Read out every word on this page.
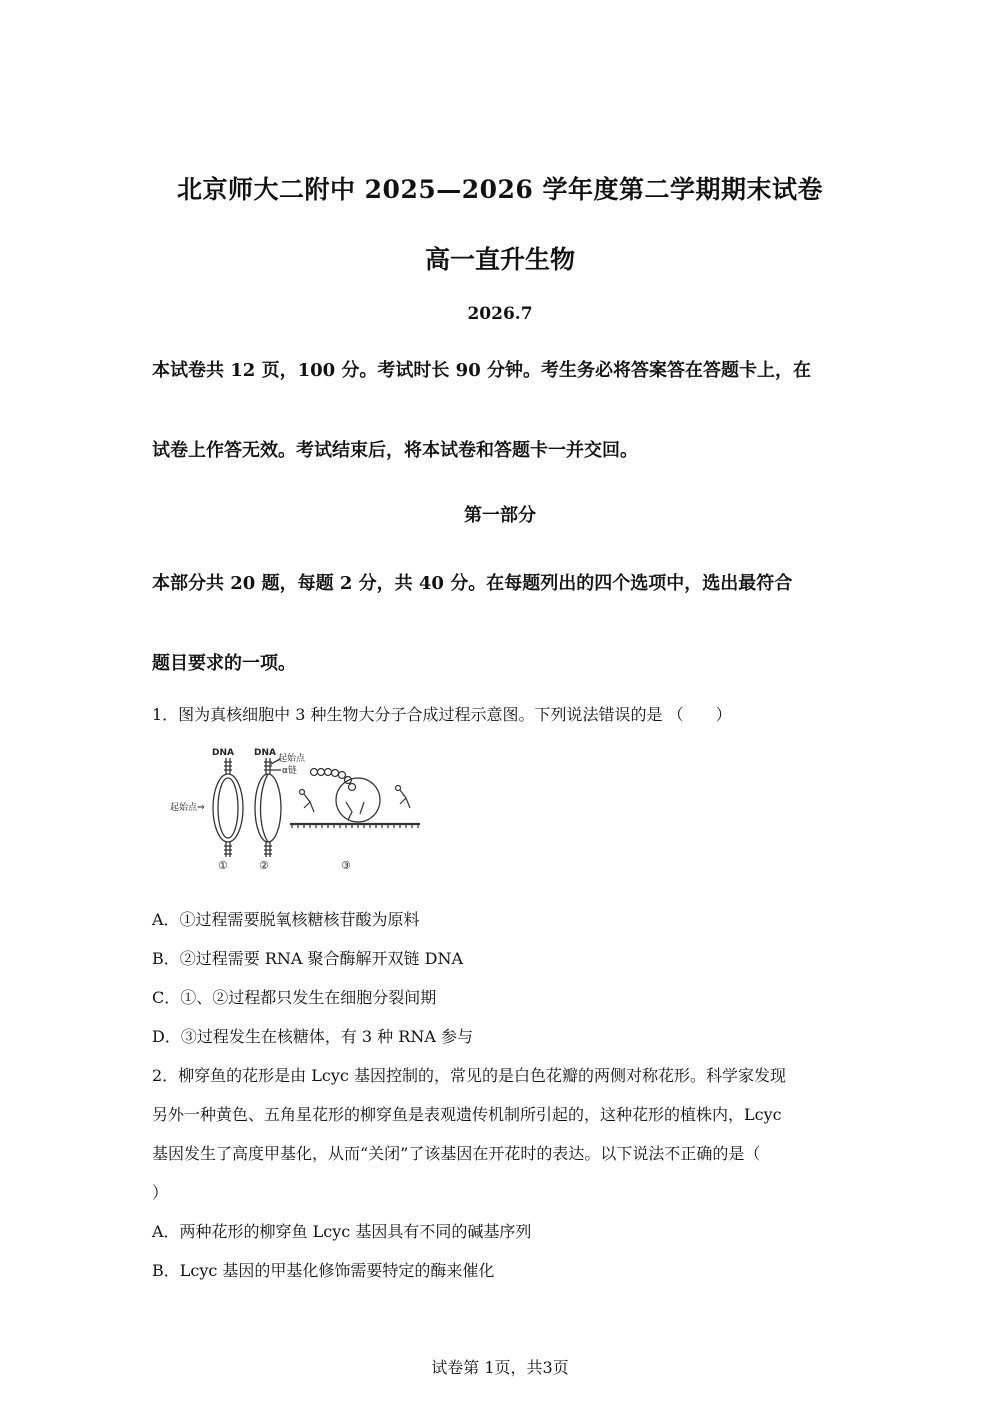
北京师大二附中 2025—2026 学年度第二学期期末试卷
高一直升生物
2026.7
本试卷共 12 页，100 分。考试时长 90 分钟。考生务必将答案答在答题卡上，在
试卷上作答无效。考试结束后，将本试卷和答题卡一并交回。
第一部分
本部分共 20 题，每题 2 分，共 40 分。在每题列出的四个选项中，选出最符合
题目要求的一项。
1．图为真核细胞中 3 种生物大分子合成过程示意图。下列说法错误的是 （　　）
DNA DNA
起始点
α链
起始点⇒
①	②	③
A．①过程需要脱氧核糖核苷酸为原料
B．②过程需要 RNA 聚合酶解开双链 DNA
C．①、②过程都只发生在细胞分裂间期
D．③过程发生在核糖体，有 3 种 RNA 参与
2．柳穿鱼的花形是由 Lcyc 基因控制的，常见的是白色花瓣的两侧对称花形。科学家发现
另外一种黄色、五角星花形的柳穿鱼是表观遗传机制所引起的，这种花形的植株内，Lcyc
基因发生了高度甲基化，从而“关闭”了该基因在开花时的表达。以下说法不正确的是（
）
A．两种花形的柳穿鱼 Lcyc 基因具有不同的碱基序列
B．Lcyc 基因的甲基化修饰需要特定的酶来催化
试卷第 1页，共3页
